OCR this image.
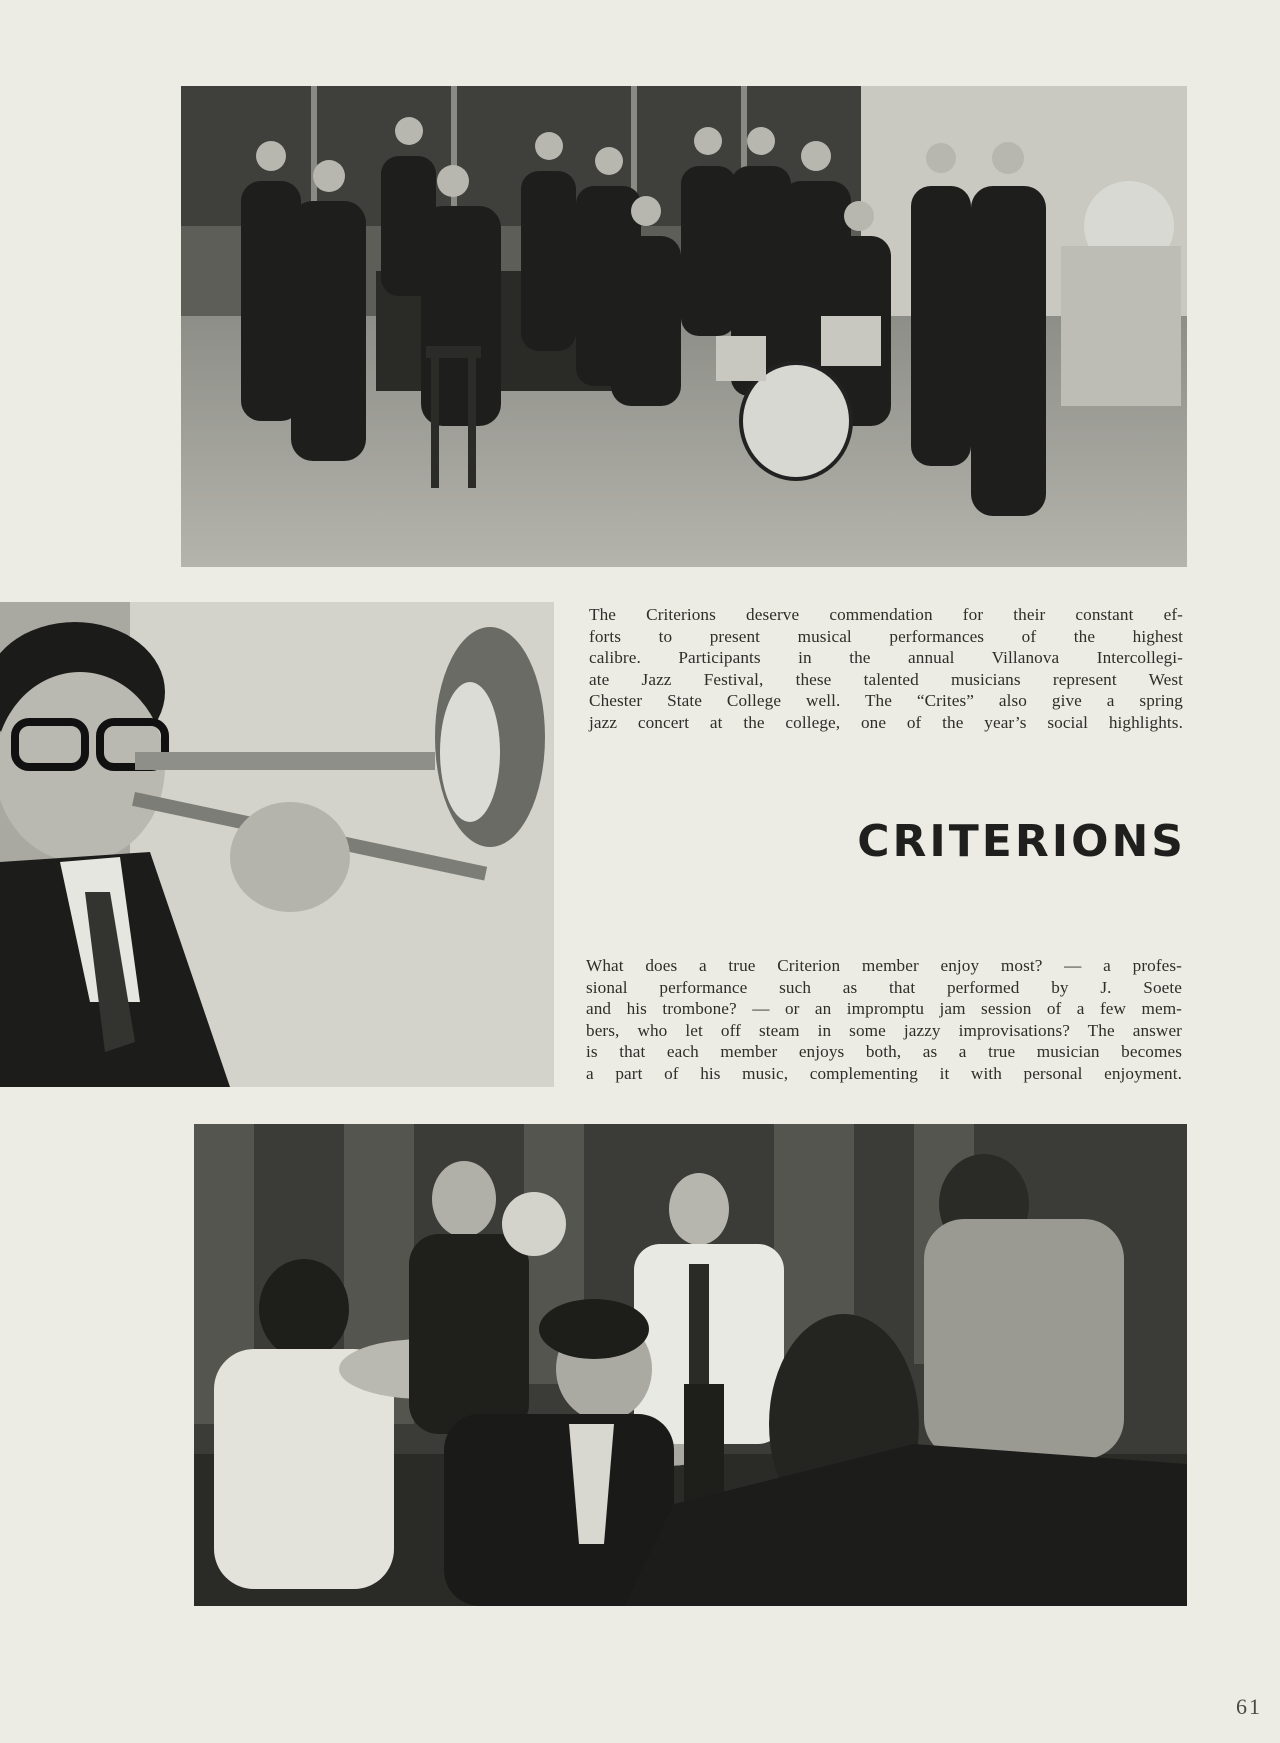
The Criterions deserve commendation for their constant ef-
forts to present musical performances of the highest
calibre. Participants in the annual Villanova Intercollegi-
ate Jazz Festival, these talented musicians represent West
Chester State College well. The “Crites” also give a spring
jazz concert at the college, one of the year’s social highlights.
CRITERIONS
What does a true Criterion member enjoy most? — a profes-
sional performance such as that performed by J. Soete
and his trombone? — or an impromptu jam session of a few mem-
bers, who let off steam in some jazzy improvisations? The answer
is that each member enjoys both, as a true musician becomes
a part of his music, complementing it with personal enjoyment.
61
